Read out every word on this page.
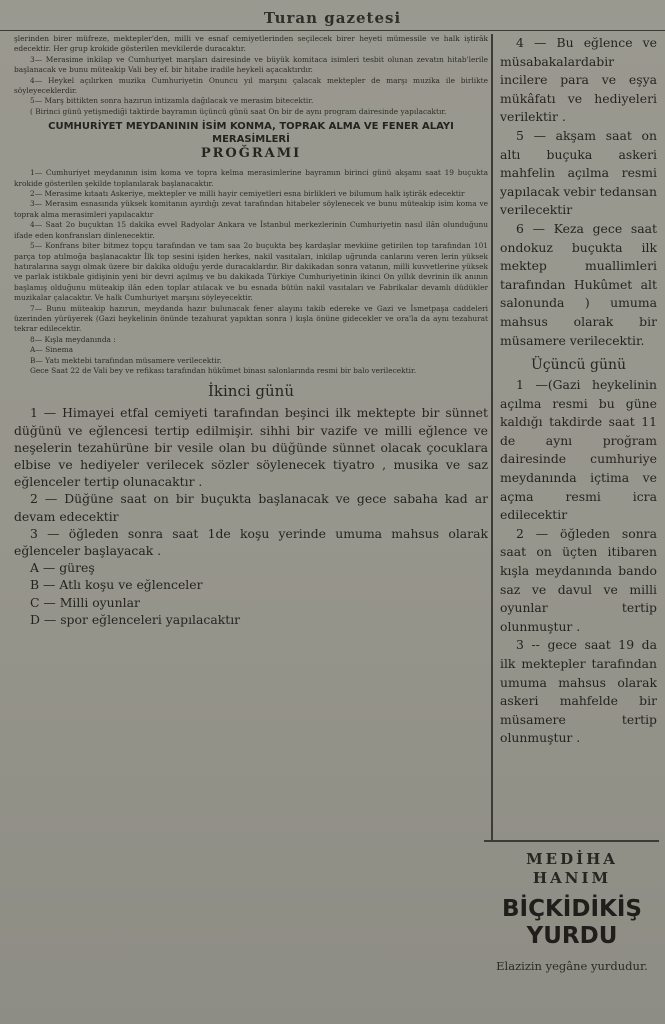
Turan gazetesi

şlerinden birer müfreze, mektepler'den, milli ve esnaf cemiyetlerinden seçilecek birer heyeti mümessile ve halk iştirâk edecektir. Her grup krokide gösterilen mevkilerde duracaktır.

3— Merasime inkilap ve Cumhuriyet marşları dairesinde ve büyük komitaca isimleri tesbit olunan zevatın hitab'lerile başlanacak ve bunu müteakip Vali bey ef. bir hitabe iradile heykeli açacaktırdır.

4— Heykel açılırken muzika Cumhuriyetin Onuncu yıl marşını çalacak mektepler de marşı muzika ile birlikte söyleyeceklerdir.

5— Marş bittikten sonra hazırun intizamla dağılacak ve merasim bitecektir.

( Birinci günü yetişmediği taktirde bayramın üçüncü günü saat On bir de aynı program dairesinde yapılacaktır.

CUMHURİYET MEYDANININ İSİM KONMA, TOPRAK ALMA VE FENER ALAYI MERASİMLERİ
PROĞRAMI

1— Cumhuriyet meydanının isim koma ve topra kelma merasimlerine bayramın birinci günü akşamı saat 19 buçukta krokide gösterilen şekilde toplanılarak başlanacaktır.

2— Merasime kıtaatı Askeriye, mektepler ve milli hayir cemiyetleri esna birlikleri ve bilumum halk iştirâk edecektir

3— Merasim esnasında yüksek komitanın ayırdığı zevat tarafından hitabeler söylenecek ve bunu müteakip isim koma ve toprak alma merasimleri yapılacaktır

4— Saat 2o buçuktan 15 dakika evvel Radyolar Ankara ve İstanbul merkezlerinin Cumhuriyetin nasıl ilân olunduğunu ifade eden konfransları dinlenecektir.

5— Konfrans biter bitmez topçu tarafından ve tam saa 2o buçukta beş kardaşlar mevkiine getirilen top tarafından 101 parça top atılmoğa başlanacaktır İlk top sesini işiden herkes, nakil vasıtaları, inkilap uğrunda canlarını veren lerin yüksek hatıralarına saygı olmak üzere bir dakika olduğu yerde duracaklardır. Bir dakikadan sonra vatanın, milli kuvvetlerine yüksek ve parlak istikbale gidişinin yeni bir devri açılmış ve bu dakikada Türkiye Cumhuriyetinin ikinci On yıllık devrinin ilk anının başlamış olduğunu müteakip ilân eden toplar atılacak ve bu esnada bütün nakil vasıtaları ve Fabrikalar devamlı düdükler muzikalar çalacaktır. Ve halk Cumhuriyet marşını söyleyecektir.

7— Bunu müteakip hazırun, meydanda hazır bulunacak fener alayını takib edereke ve Gazi ve İsmetpaşa caddeleri üzerinden yürüyerek (Gazi heykelinin önünde tezahurat yapıktan sonra ) kışla önüne gidecekler ve ora'la da aynı tezahurat tekrar edilecektir.

8— Kışla meydanında :

A— Sinema

B— Yatı mektebi tarafından müsamere verilecektir.

Gece Saat 22 de Vali bey ve refikası tarafından hükûmet binası salonlarında resmi bir balo verilecektir.

İkinci günü

1 — Himayei etfal cemiyeti tarafından beşinci ilk mektepte bir sünnet düğünü ve eğlencesi tertip edilmişir. sihhi bir vazife ve milli eğlence ve neşelerin tezahürüne bir vesile olan bu düğünde sünnet olacak çocuklara elbise ve hediyeler verilecek sözler söylenecek tiyatro , musika ve saz eğlenceler tertip olunacaktır .

2 — Düğüne saat on bir buçukta başlanacak ve gece sabaha kad ar devam edecektir

3 — öğleden sonra saat 1de koşu yerinde umuma mahsus olarak eğlenceler başlayacak .

A — güreş

B — Atlı koşu ve eğlenceler

C — Milli oyunlar

D — spor eğlenceleri yapılacaktır

4 — Bu eğlence ve müsabakalardabir incilere para ve eşya mükâfatı ve hediyeleri verilektir .

5 — akşam saat on altı buçuka askeri mahfelin açılma resmi yapılacak vebir tedansan verilecektir

6 — Keza gece saat ondokuz buçukta ilk mektep muallimleri tarafından Hukûmet alt salonunda ) umuma mahsus olarak bir müsamere verilecektir.

Üçüncü günü

1 —(Gazi heykelinin açılma resmi bu güne kaldığı takdirde saat 11 de aynı proğram dairesinde cumhuriye meydanında içtima ve açma resmi icra edilecektir

2 — öğleden sonra saat on üçten itibaren kışla meydanında bando saz ve davul ve milli oyunlar tertip olunmuştur .

3 -- gece saat 19 da ilk mektepler tarafından umuma mahsus olarak askeri mahfelde bir müsamere tertip olunmuştur .

MEDİHA HANIM
BİÇKİDİKİŞ YURDU
Elazizin yegâne yurdudur.
